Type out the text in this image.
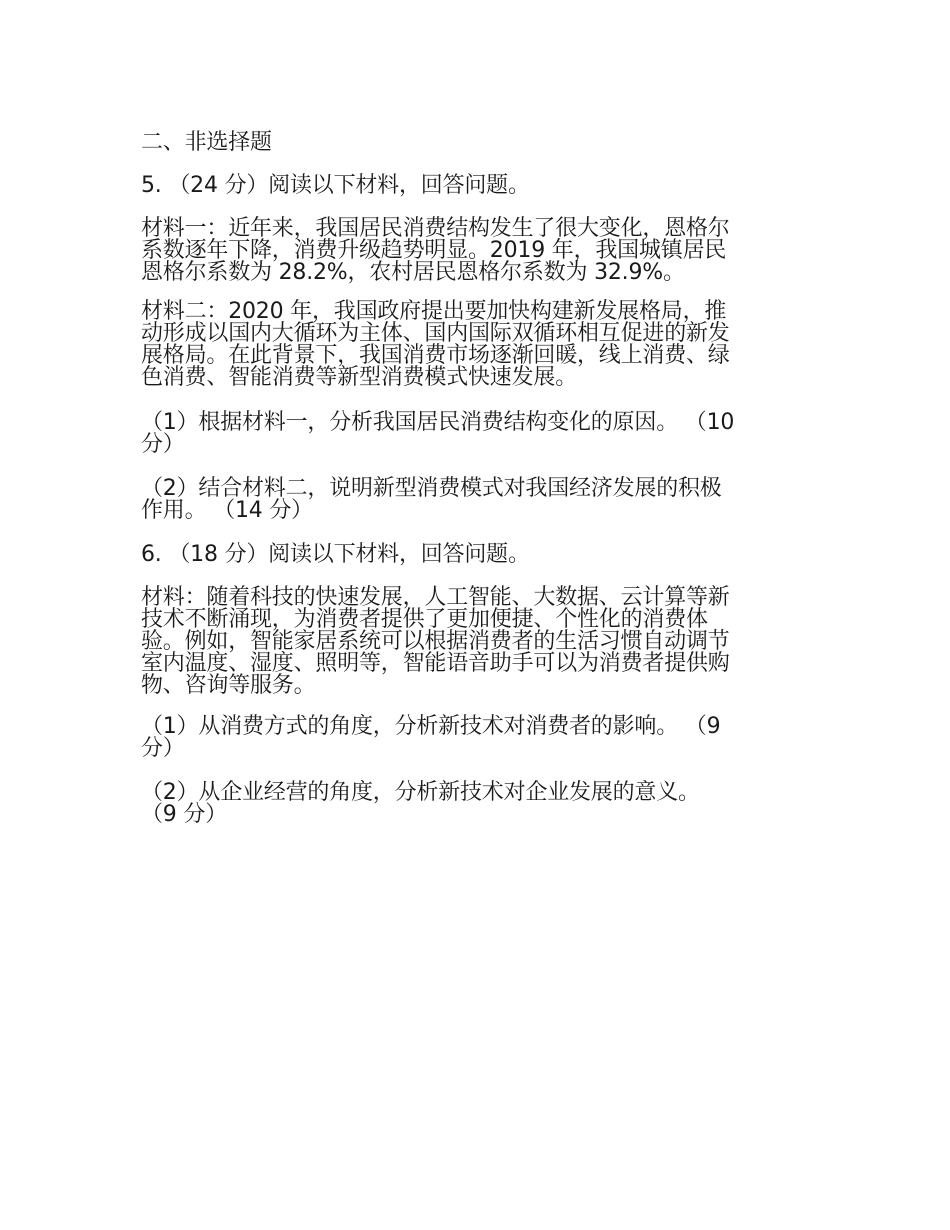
二、非选择题
5. （24 分）阅读以下材料，回答问题。
材料一：近年来，我国居民消费结构发生了很大变化，恩格尔
系数逐年下降，消费升级趋势明显。2019 年，我国城镇居民
恩格尔系数为 28.2%，农村居民恩格尔系数为 32.9%。
材料二：2020 年，我国政府提出要加快构建新发展格局，推
动形成以国内大循环为主体、国内国际双循环相互促进的新发
展格局。在此背景下，我国消费市场逐渐回暖，线上消费、绿
色消费、智能消费等新型消费模式快速发展。
（1）根据材料一，分析我国居民消费结构变化的原因。 （10
分）
（2）结合材料二，说明新型消费模式对我国经济发展的积极
作用。 （14 分）
6. （18 分）阅读以下材料，回答问题。
材料：随着科技的快速发展，人工智能、大数据、云计算等新
技术不断涌现，为消费者提供了更加便捷、个性化的消费体
验。例如，智能家居系统可以根据消费者的生活习惯自动调节
室内温度、湿度、照明等，智能语音助手可以为消费者提供购
物、咨询等服务。
（1）从消费方式的角度，分析新技术对消费者的影响。 （9
分）
（2）从企业经营的角度，分析新技术对企业发展的意义。
（9 分）
